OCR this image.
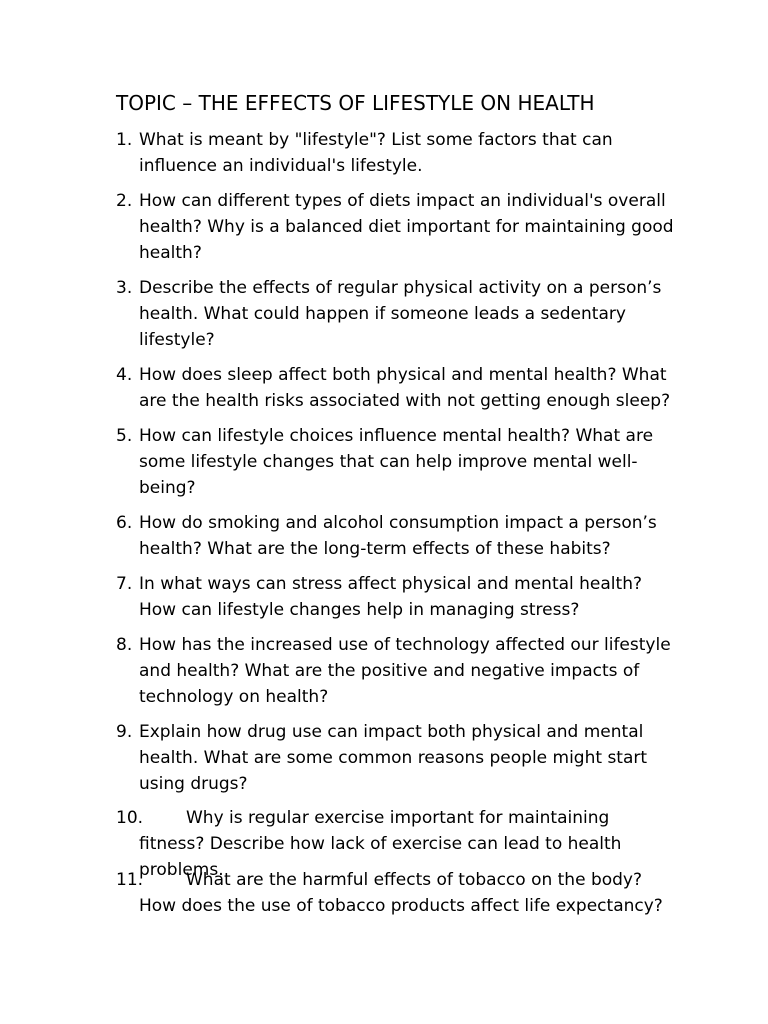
TOPIC – THE EFFECTS OF LIFESTYLE ON HEALTH
1. What is meant by "lifestyle"? List some factors that can influence an individual's lifestyle.
2. How can different types of diets impact an individual's overall health? Why is a balanced diet important for maintaining good health?
3. Describe the effects of regular physical activity on a person’s health. What could happen if someone leads a sedentary lifestyle?
4. How does sleep affect both physical and mental health? What are the health risks associated with not getting enough sleep?
5. How can lifestyle choices influence mental health? What are some lifestyle changes that can help improve mental well-being?
6. How do smoking and alcohol consumption impact a person’s health? What are the long-term effects of these habits?
7. In what ways can stress affect physical and mental health? How can lifestyle changes help in managing stress?
8. How has the increased use of technology affected our lifestyle and health? What are the positive and negative impacts of technology on health?
9. Explain how drug use can impact both physical and mental health. What are some common reasons people might start using drugs?
10.	Why is regular exercise important for maintaining fitness? Describe how lack of exercise can lead to health problems.
11.	What are the harmful effects of tobacco on the body? How does the use of tobacco products affect life expectancy?
